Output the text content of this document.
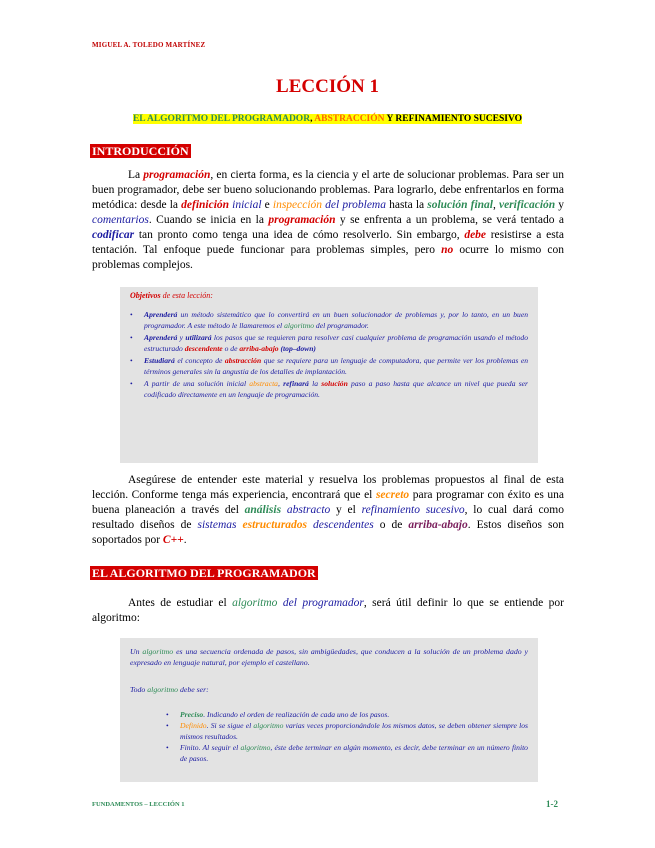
MIGUEL A. TOLEDO MARTÍNEZ
LECCIÓN 1
EL ALGORITMO DEL PROGRAMADOR, ABSTRACCIÓN Y REFINAMIENTO SUCESIVO
INTRODUCCIÓN

La programación, en cierta forma, es la ciencia y el arte de solucionar problemas. Para ser un buen programador, debe ser bueno solucionando problemas. Para lograrlo, debe enfrentarlos en forma metódica: desde la definición inicial e inspección del problema hasta la solución final, verificación y comentarios. Cuando se inicia en la programación y se enfrenta a un problema, se verá tentado a codificar tan pronto como tenga una idea de cómo resolverlo. Sin embargo, debe resistirse a esta tentación. Tal enfoque puede funcionar para problemas simples, pero no ocurre lo mismo con problemas complejos.

Objetivos de esta lección:
• Aprenderá un método sistemático que lo convertirá en un buen solucionador de problemas y, por lo tanto, en un buen programador. A este método le llamaremos el algoritmo del programador.
• Aprenderá y utilizará los pasos que se requieren para resolver casi cualquier problema de programación usando el método estructurado descendente o de arriba-abajo (top–down)
• Estudiará el concepto de abstracción que se requiere para un lenguaje de computadora, que permite ver los problemas en términos generales sin la angustia de los detalles de implantación.
• A partir de una solución inicial abstracta, refinará la solución paso a paso hasta que alcance un nivel que pueda ser codificado directamente en un lenguaje de programación.

Asegúrese de entender este material y resuelva los problemas propuestos al final de esta lección. Conforme tenga más experiencia, encontrará que el secreto para programar con éxito es una buena planeación a través del análisis abstracto y el refinamiento sucesivo, lo cual dará como resultado diseños de sistemas estructurados descendentes o de arriba-abajo. Estos diseños son soportados por C++.

EL ALGORITMO DEL PROGRAMADOR

Antes de estudiar el algoritmo del programador, será útil definir lo que se entiende por algoritmo:

Un algoritmo es una secuencia ordenada de pasos, sin ambigüedades, que conducen a la solución de un problema dado y expresado en lenguaje natural, por ejemplo el castellano.
Todo algoritmo debe ser:
• Preciso. Indicando el orden de realización de cada uno de los pasos.
• Definido. Si se sigue el algoritmo varias veces proporcionándole los mismos datos, se deben obtener siempre los mismos resultados.
• Finito. Al seguir el algoritmo, éste debe terminar en algún momento, es decir, debe terminar en un número finito de pasos.
FUNDAMENTOS – LECCIÓN 1	1-2
